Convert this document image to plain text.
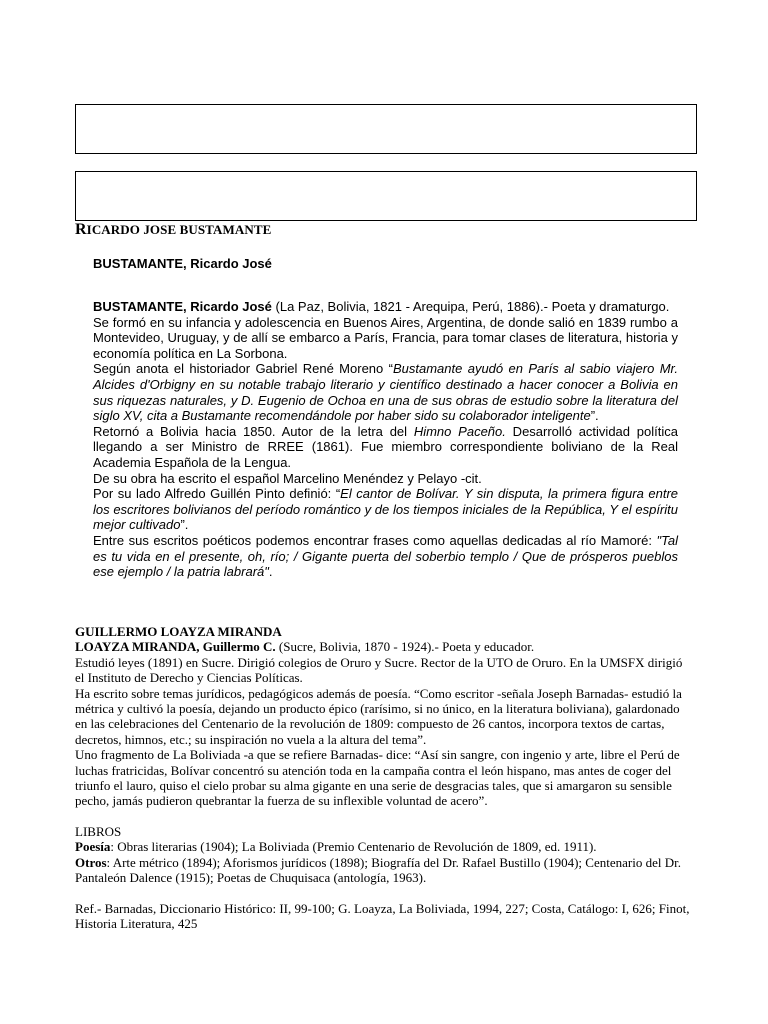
RICARDO JOSE BUSTAMANTE
BUSTAMANTE, Ricardo José

BUSTAMANTE, Ricardo José (La Paz, Bolivia, 1821 - Arequipa, Perú, 1886).- Poeta y dramaturgo.

Se formó en su infancia y adolescencia en Buenos Aires, Argentina, de donde salió en 1839 rumbo a Montevideo, Uruguay, y de allí se embarco a París, Francia, para tomar clases de literatura, historia y economía política en La Sorbona.

Según anota el historiador Gabriel René Moreno “Bustamante ayudó en París al sabio viajero Mr. Alcides d'Orbigny en su notable trabajo literario y científico destinado a hacer conocer a Bolivia en sus riquezas naturales, y D. Eugenio de Ochoa en una de sus obras de estudio sobre la literatura del siglo XV, cita a Bustamante recomendándole por haber sido su colaborador inteligente”.

Retornó a Bolivia hacia 1850. Autor de la letra del Himno Paceño. Desarrolló actividad política llegando a ser Ministro de RREE (1861). Fue miembro correspondiente boliviano de la Real Academia Española de la Lengua.

De su obra ha escrito el español Marcelino Menéndez y Pelayo -cit.

Por su lado Alfredo Guillén Pinto definió: “El cantor de Bolívar. Y sin disputa, la primera figura entre los escritores bolivianos del período romántico y de los tiempos iniciales de la República, Y el espíritu mejor cultivado”.

Entre sus escritos poéticos podemos encontrar frases como aquellas dedicadas al río Mamoré: "Tal es tu vida en el presente, oh, río; / Gigante puerta del soberbio templo / Que de prósperos pueblos ese ejemplo / la patria labrará".

GUILLERMO LOAYZA MIRANDA

LOAYZA MIRANDA, Guillermo C. (Sucre, Bolivia, 1870 - 1924).- Poeta y educador.

Estudió leyes (1891) en Sucre. Dirigió colegios de Oruro y Sucre. Rector de la UTO de Oruro. En la UMSFX dirigió el Instituto de Derecho y Ciencias Políticas.

Ha escrito sobre temas jurídicos, pedagógicos además de poesía. “Como escritor -señala Joseph Barnadas- estudió la métrica y cultivó la poesía, dejando un producto épico (rarísimo, si no único, en la literatura boliviana), galardonado en las celebraciones del Centenario de la revolución de 1809: compuesto de 26 cantos, incorpora textos de cartas, decretos, himnos, etc.; su inspiración no vuela a la altura del tema”.

Uno fragmento de La Boliviada -a que se refiere Barnadas- dice: “Así sin sangre, con ingenio y arte, libre el Perú de luchas fratricidas, Bolívar concentró su atención toda en la campaña contra el león hispano, mas antes de coger del triunfo el lauro, quiso el cielo probar su alma gigante en una serie de desgracias tales, que si amargaron su sensible pecho, jamás pudieron quebrantar la fuerza de su inflexible voluntad de acero”.

LIBROS

Poesía: Obras literarias (1904); La Boliviada (Premio Centenario de Revolución de 1809, ed. 1911).

Otros: Arte métrico (1894); Aforismos jurídicos (1898); Biografía del Dr. Rafael Bustillo (1904); Centenario del Dr. Pantaleón Dalence (1915); Poetas de Chuquisaca (antología, 1963).

Ref.- Barnadas, Diccionario Histórico: II, 99-100; G. Loayza, La Boliviada, 1994, 227; Costa, Catálogo: I, 626; Finot, Historia Literatura, 425
